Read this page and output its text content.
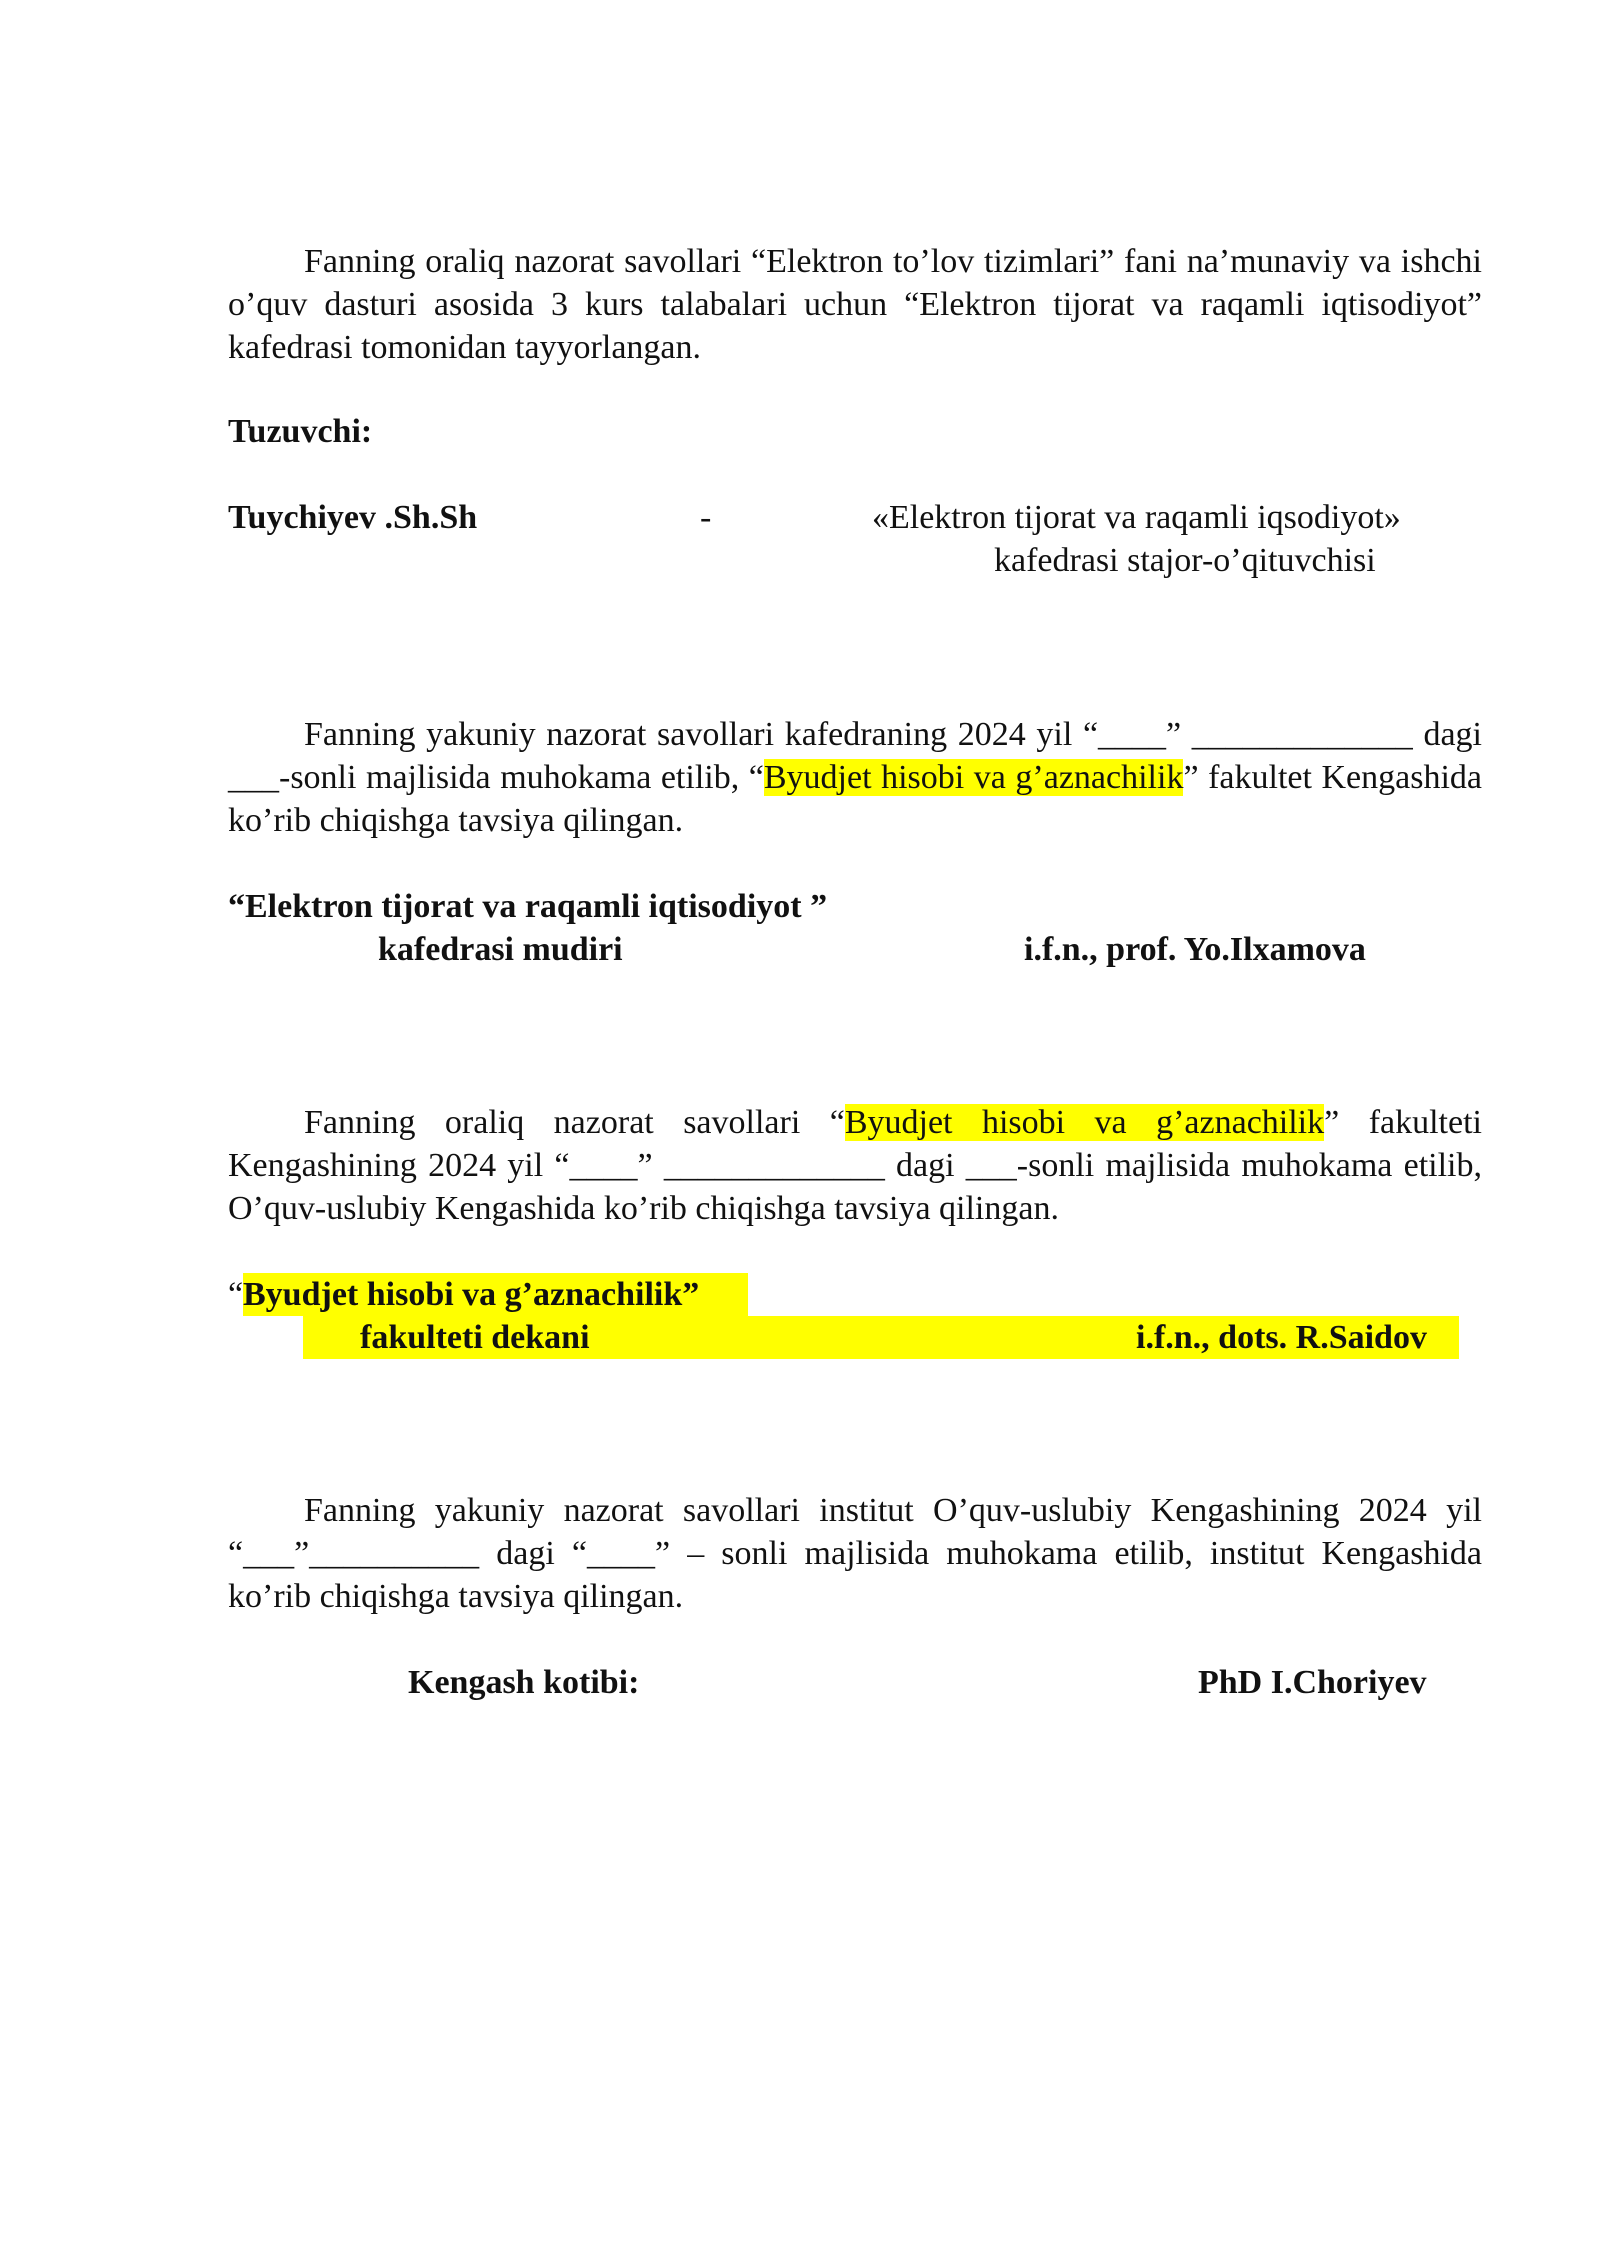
Fanning oraliq nazorat savollari “Elektron to’lov tizimlari” fani na’munaviy va ishchi o’quv dasturi asosida 3 kurs talabalari uchun “Elektron tijorat va raqamli iqtisodiyot” kafedrasi tomonidan tayyorlangan.

Tuzuvchi:

Tuychiyev .Sh.Sh	-	«Elektron tijorat va raqamli iqsodiyot»

kafedrasi stajor-o’qituvchisi

Fanning yakuniy nazorat savollari kafedraning 2024 yil “____” _____________ dagi ___-sonli majlisida muhokama etilib, “Byudjet hisobi va g’aznachilik” fakultet Kengashida ko’rib chiqishga tavsiya qilingan.

“Elektron tijorat va raqamli iqtisodiyot ”

kafedrasi mudiri	i.f.n., prof. Yo.Ilxamova

Fanning oraliq nazorat savollari “Byudjet hisobi va g’aznachilik” fakulteti Kengashining 2024 yil “____” _____________ dagi ___-sonli majlisida muhokama etilib, O’quv-uslubiy Kengashida ko’rib chiqishga tavsiya qilingan.

“ Byudjet hisobi va g’aznachilik”

fakulteti dekani	i.f.n., dots. R.Saidov

Fanning yakuniy nazorat savollari institut O’quv-uslubiy Kengashining 2024 yil “___”__________ dagi “____” – sonli majlisida muhokama etilib, institut Kengashida ko’rib chiqishga tavsiya qilingan.

Kengash kotibi:	PhD I.Choriyev
